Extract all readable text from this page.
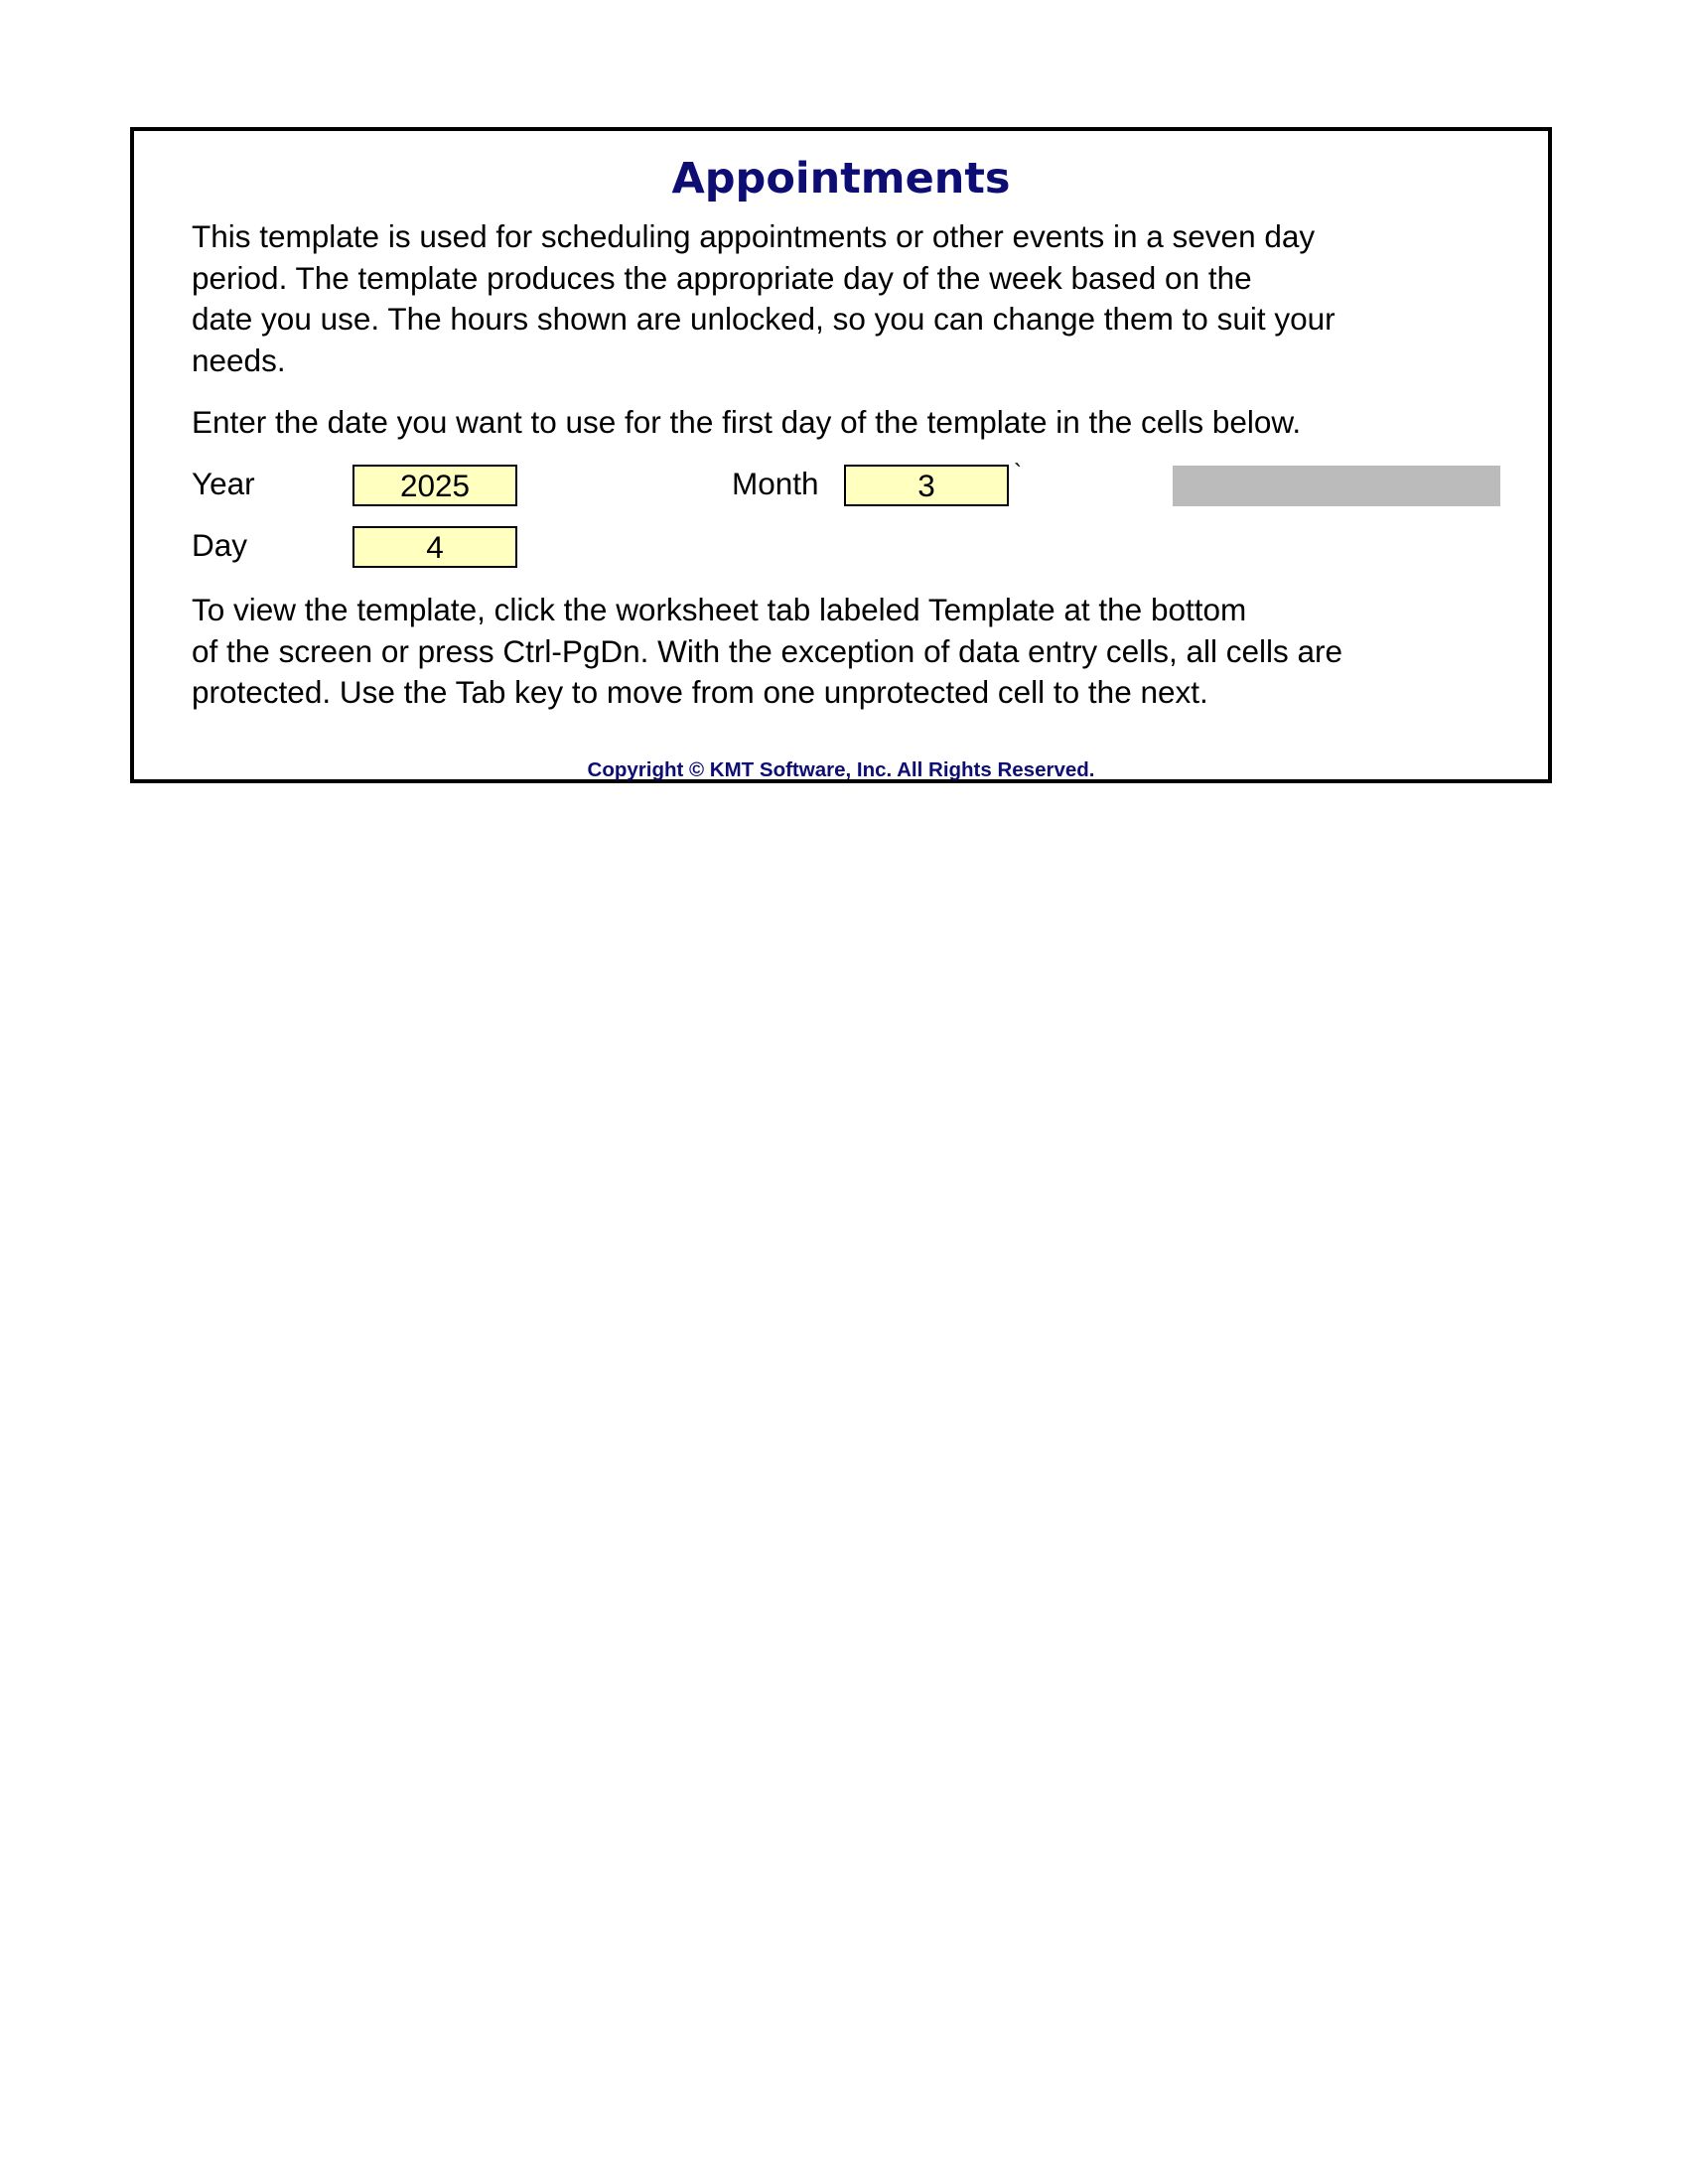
Appointments

This template is used for scheduling appointments or other events in a seven day
period. The template produces the appropriate day of the week based on the
date you use. The hours shown are unlocked, so you can change them to suit your
needs.

Enter the date you want to use for the first day of the template in the cells below.

Year
2025	Month
3	`
Day
4

To view the template, click the worksheet tab labeled Template at the bottom
of the screen or press Ctrl-PgDn. With the exception of data entry cells, all cells are
protected. Use the Tab key to move from one unprotected cell to the next.

Copyright © KMT Software, Inc. All Rights Reserved.
